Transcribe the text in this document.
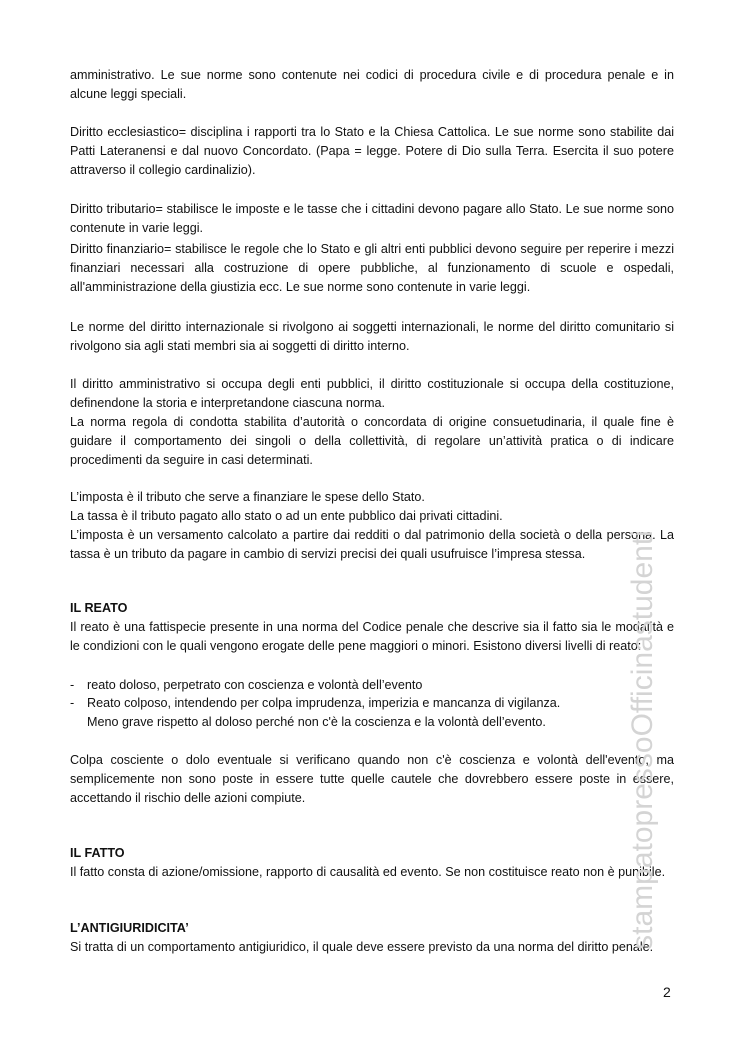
amministrativo. Le sue norme sono contenute nei codici di procedura civile e di procedura penale e in alcune leggi speciali.

Diritto ecclesiastico= disciplina i rapporti tra lo Stato e la Chiesa Cattolica. Le sue norme sono stabilite dai Patti Lateranensi e dal nuovo Concordato. (Papa = legge. Potere di Dio sulla Terra. Esercita il suo potere attraverso il collegio cardinalizio).

Diritto tributario= stabilisce le imposte e le tasse che i cittadini devono pagare allo Stato. Le sue norme sono contenute in varie leggi.

Diritto finanziario= stabilisce le regole che lo Stato e gli altri enti pubblici devono seguire per reperire i mezzi finanziari necessari alla costruzione di opere pubbliche, al funzionamento di scuole e ospedali, all'amministrazione della giustizia ecc. Le sue norme sono contenute in varie leggi.

Le norme del diritto internazionale si rivolgono ai soggetti internazionali, le norme del diritto comunitario si rivolgono sia agli stati membri sia ai soggetti di diritto interno.

Il diritto amministrativo si occupa degli enti pubblici, il diritto costituzionale si occupa della costituzione, definendone la storia e interpretandone ciascuna norma.

La norma regola di condotta stabilita d’autorità o concordata di origine consuetudinaria, il quale fine è guidare il comportamento dei singoli o della collettività, di regolare un’attività pratica o di indicare procedimenti da seguire in casi determinati.

L’imposta è il tributo che serve a finanziare le spese dello Stato.

La tassa è il tributo pagato allo stato o ad un ente pubblico dai privati cittadini.

L’imposta è un versamento calcolato a partire dai redditi o dal patrimonio della società o della persona. La tassa è un tributo da pagare in cambio di servizi precisi dei quali usufruisce l’impresa stessa.

IL REATO

Il reato è una fattispecie presente in una norma del Codice penale che descrive sia il fatto sia le modalità e le condizioni con le quali vengono erogate delle pene maggiori o minori. Esistono diversi livelli di reato:

-	reato doloso, perpetrato con coscienza e volontà dell’evento
-	Reato colposo, intendendo per colpa imprudenza, imperizia e mancanza di vigilanza.
Meno grave rispetto al doloso perché non c'è la coscienza e la volontà dell’evento.

Colpa cosciente o dolo eventuale si verificano quando non c'è coscienza e volontà dell'evento, ma semplicemente non sono poste in essere tutte quelle cautele che dovrebbero essere poste in essere, accettando il rischio delle azioni compiute.

IL FATTO

Il fatto consta di azione/omissione, rapporto di causalità ed evento. Se non costituisce reato non è punibile.

L’ANTIGIURIDICITA’

Si tratta di un comportamento antigiuridico, il quale deve essere previsto da una norma del diritto penale.

stampatopressoOfficinastudenti
2
